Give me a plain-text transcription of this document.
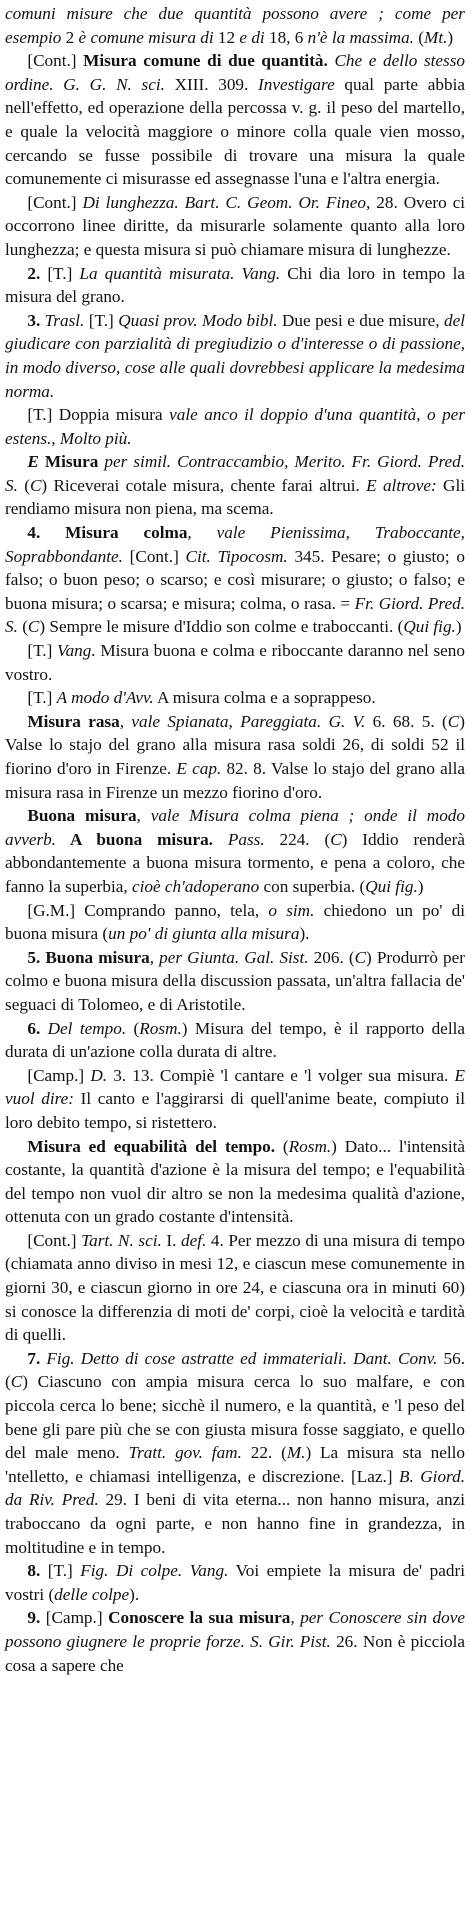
comuni misure che due quantità possono avere ; come per esempio 2 è comune misura di 12 e di 18, 6 n'è la massima. (Mt.)

[Cont.] Misura comune di due quantità. Che e dello stesso ordine. G. G. N. sci. XIII. 309. Investigare qual parte abbia nell'effetto, ed operazione della percossa v. g. il peso del martello, e quale la velocità maggiore o minore colla quale vien mosso, cercando se fusse possibile di trovare una misura la quale comunemente ci misurasse ed assegnasse l'una e l'altra energia.

[Cont.] Di lunghezza. Bart. C. Geom. Or. Fineo, 28. Overo ci occorrono linee diritte, da misurarle solamente quanto alla loro lunghezza; e questa misura si può chiamare misura di lunghezze.

2. [T.] La quantità misurata. Vang. Chi dia loro in tempo la misura del grano.

3. Trasl. [T.] Quasi prov. Modo bibl. Due pesi e due misure, del giudicare con parzialità di pregiudizio o d'interesse o di passione, in modo diverso, cose alle quali dovrebbesi applicare la medesima norma.

[T.] Doppia misura vale anco il doppio d'una quantità, o per estens., Molto più.

E Misura per simil. Contraccambio, Merito. Fr. Giord. Pred. S. (C) Riceverai cotale misura, chente farai altrui. E altrove: Gli rendiamo misura non piena, ma scema.

4. Misura colma, vale Pienissima, Traboccante, Soprabbondante. [Cont.] Cit. Tipocosm. 345. Pesare; o giusto; o falso; o buon peso; o scarso; e così misurare; o giusto; o falso; e buona misura; o scarsa; e misura; colma, o rasa. = Fr. Giord. Pred. S. (C) Sempre le misure d'Iddio son colme e traboccanti. (Qui fig.)

[T.] Vang. Misura buona e colma e riboccante daranno nel seno vostro.

[T.] A modo d'Avv. A misura colma e a soprappeso.

Misura rasa, vale Spianata, Pareggiata. G. V. 6. 68. 5. (C) Valse lo stajo del grano alla misura rasa soldi 26, di soldi 52 il fiorino d'oro in Firenze. E cap. 82. 8. Valse lo stajo del grano alla misura rasa in Firenze un mezzo fiorino d'oro.

Buona misura, vale Misura colma piena ; onde il modo avverb. A buona misura. Pass. 224. (C) Iddio renderà abbondantemente a buona misura tormento, e pena a coloro, che fanno la superbia, cioè ch'adoperano con superbia. (Qui fig.)

[G.M.] Comprando panno, tela, o sim. chiedono un po' di buona misura (un po' di giunta alla misura).

5. Buona misura, per Giunta. Gal. Sist. 206. (C) Produrrò per colmo e buona misura della discussion passata, un'altra fallacia de' seguaci di Tolomeo, e di Aristotile.

6. Del tempo. (Rosm.) Misura del tempo, è il rapporto della durata di un'azione colla durata di altre.

[Camp.] D. 3. 13. Compiè 'l cantare e 'l volger sua misura. E vuol dire: Il canto e l'aggirarsi di quell'anime beate, compiuto il loro debito tempo, si ristettero.

Misura ed equabilità del tempo. (Rosm.) Dato... l'intensità costante, la quantità d'azione è la misura del tempo; e l'equabilità del tempo non vuol dir altro se non la medesima qualità d'azione, ottenuta con un grado costante d'intensità.

[Cont.] Tart. N. sci. I. def. 4. Per mezzo di una misura di tempo (chiamata anno diviso in mesi 12, e ciascun mese comunemente in giorni 30, e ciascun giorno in ore 24, e ciascuna ora in minuti 60) si conosce la differenzia di moti de' corpi, cioè la velocità e tardità di quelli.

7. Fig. Detto di cose astratte ed immateriali. Dant. Conv. 56. (C) Ciascuno con ampia misura cerca lo suo malfare, e con piccola cerca lo bene; sicchè il numero, e la quantità, e 'l peso del bene gli pare più che se con giusta misura fosse saggiato, e quello del male meno. Tratt. gov. fam. 22. (M.) La misura sta nello 'ntelletto, e chiamasi intelligenza, e discrezione. [Laz.] B. Giord. da Riv. Pred. 29. I beni di vita eterna... non hanno misura, anzi traboccano da ogni parte, e non hanno fine in grandezza, in moltitudine e in tempo.

8. [T.] Fig. Di colpe. Vang. Voi empiete la misura de' padri vostri (delle colpe).

9. [Camp.] Conoscere la sua misura, per Conoscere sin dove possono giugnere le proprie forze. S. Gir. Pist. 26. Non è picciola cosa a sapere che
